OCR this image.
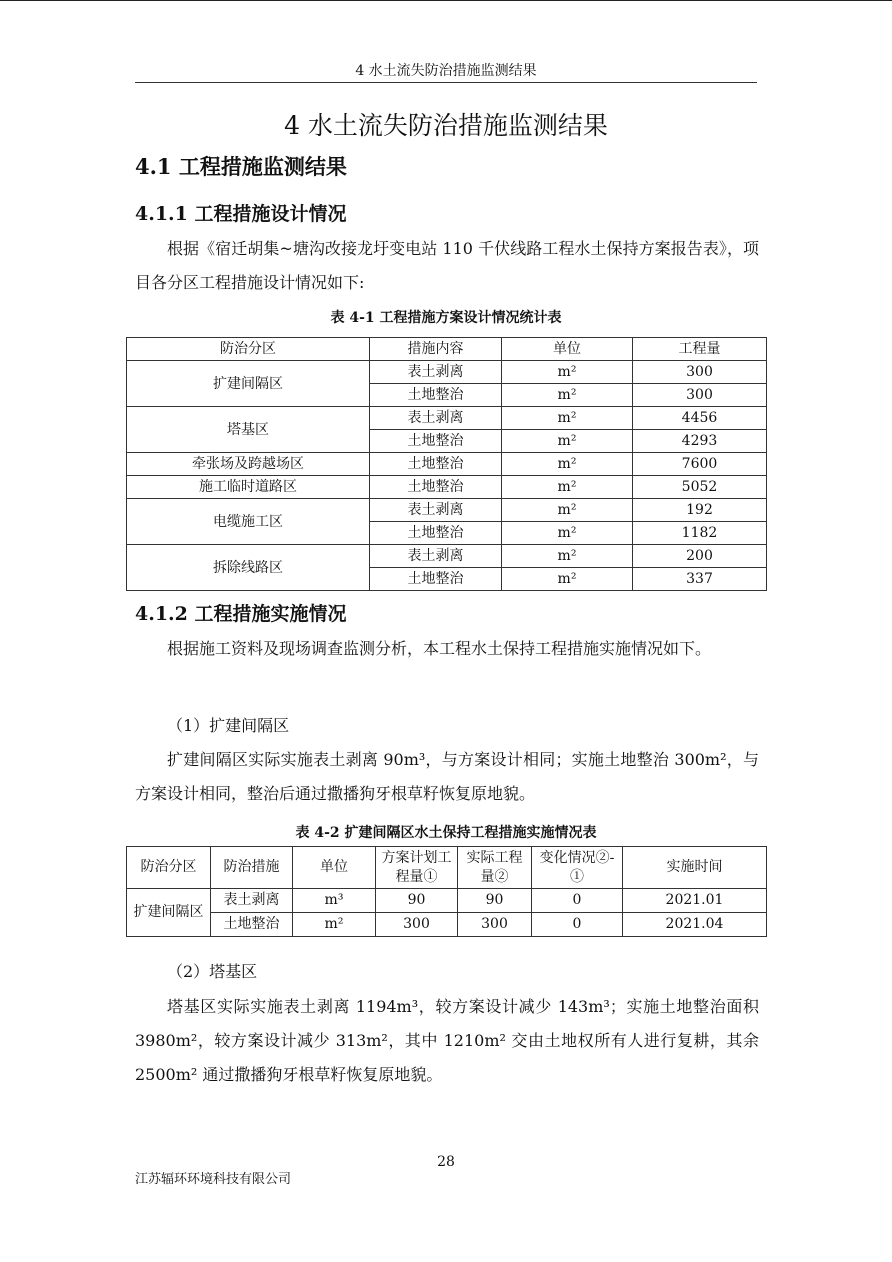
4 水土流失防治措施监测结果
4 水土流失防治措施监测结果
4.1 工程措施监测结果
4.1.1 工程措施设计情况

根据《宿迁胡集~塘沟改接龙圩变电站 110 千伏线路工程水土保持方案报告表》，项目各分区工程措施设计情况如下:

表 4-1 工程措施方案设计情况统计表
防治分区	措施内容	单位	工程量
扩建间隔区	表土剥离	m²	300
	土地整治	m²	300
塔基区	表土剥离	m²	4456
	土地整治	m²	4293
牵张场及跨越场区	土地整治	m²	7600
施工临时道路区	土地整治	m²	5052
电缆施工区	表土剥离	m²	192
	土地整治	m²	1182
拆除线路区	表土剥离	m²	200
	土地整治	m²	337
4.1.2 工程措施实施情况

根据施工资料及现场调查监测分析，本工程水土保持工程措施实施情况如下。

（1）扩建间隔区

扩建间隔区实际实施表土剥离 90m³，与方案设计相同；实施土地整治 300m²，与方案设计相同，整治后通过撒播狗牙根草籽恢复原地貌。

表 4-2 扩建间隔区水土保持工程措施实施情况表
防治分区	防治措施	单位	方案计划工程量①	实际工程量②	变化情况②-①	实施时间
扩建间隔区	表土剥离	m³	90	90	0	2021.01
	土地整治	m²	300	300	0	2021.04
（2）塔基区

塔基区实际实施表土剥离 1194m³，较方案设计减少 143m³；实施土地整治面积 3980m²，较方案设计减少 313m²，其中 1210m² 交由土地权所有人进行复耕，其余 2500m² 通过撒播狗牙根草籽恢复原地貌。

28
江苏辐环环境科技有限公司
